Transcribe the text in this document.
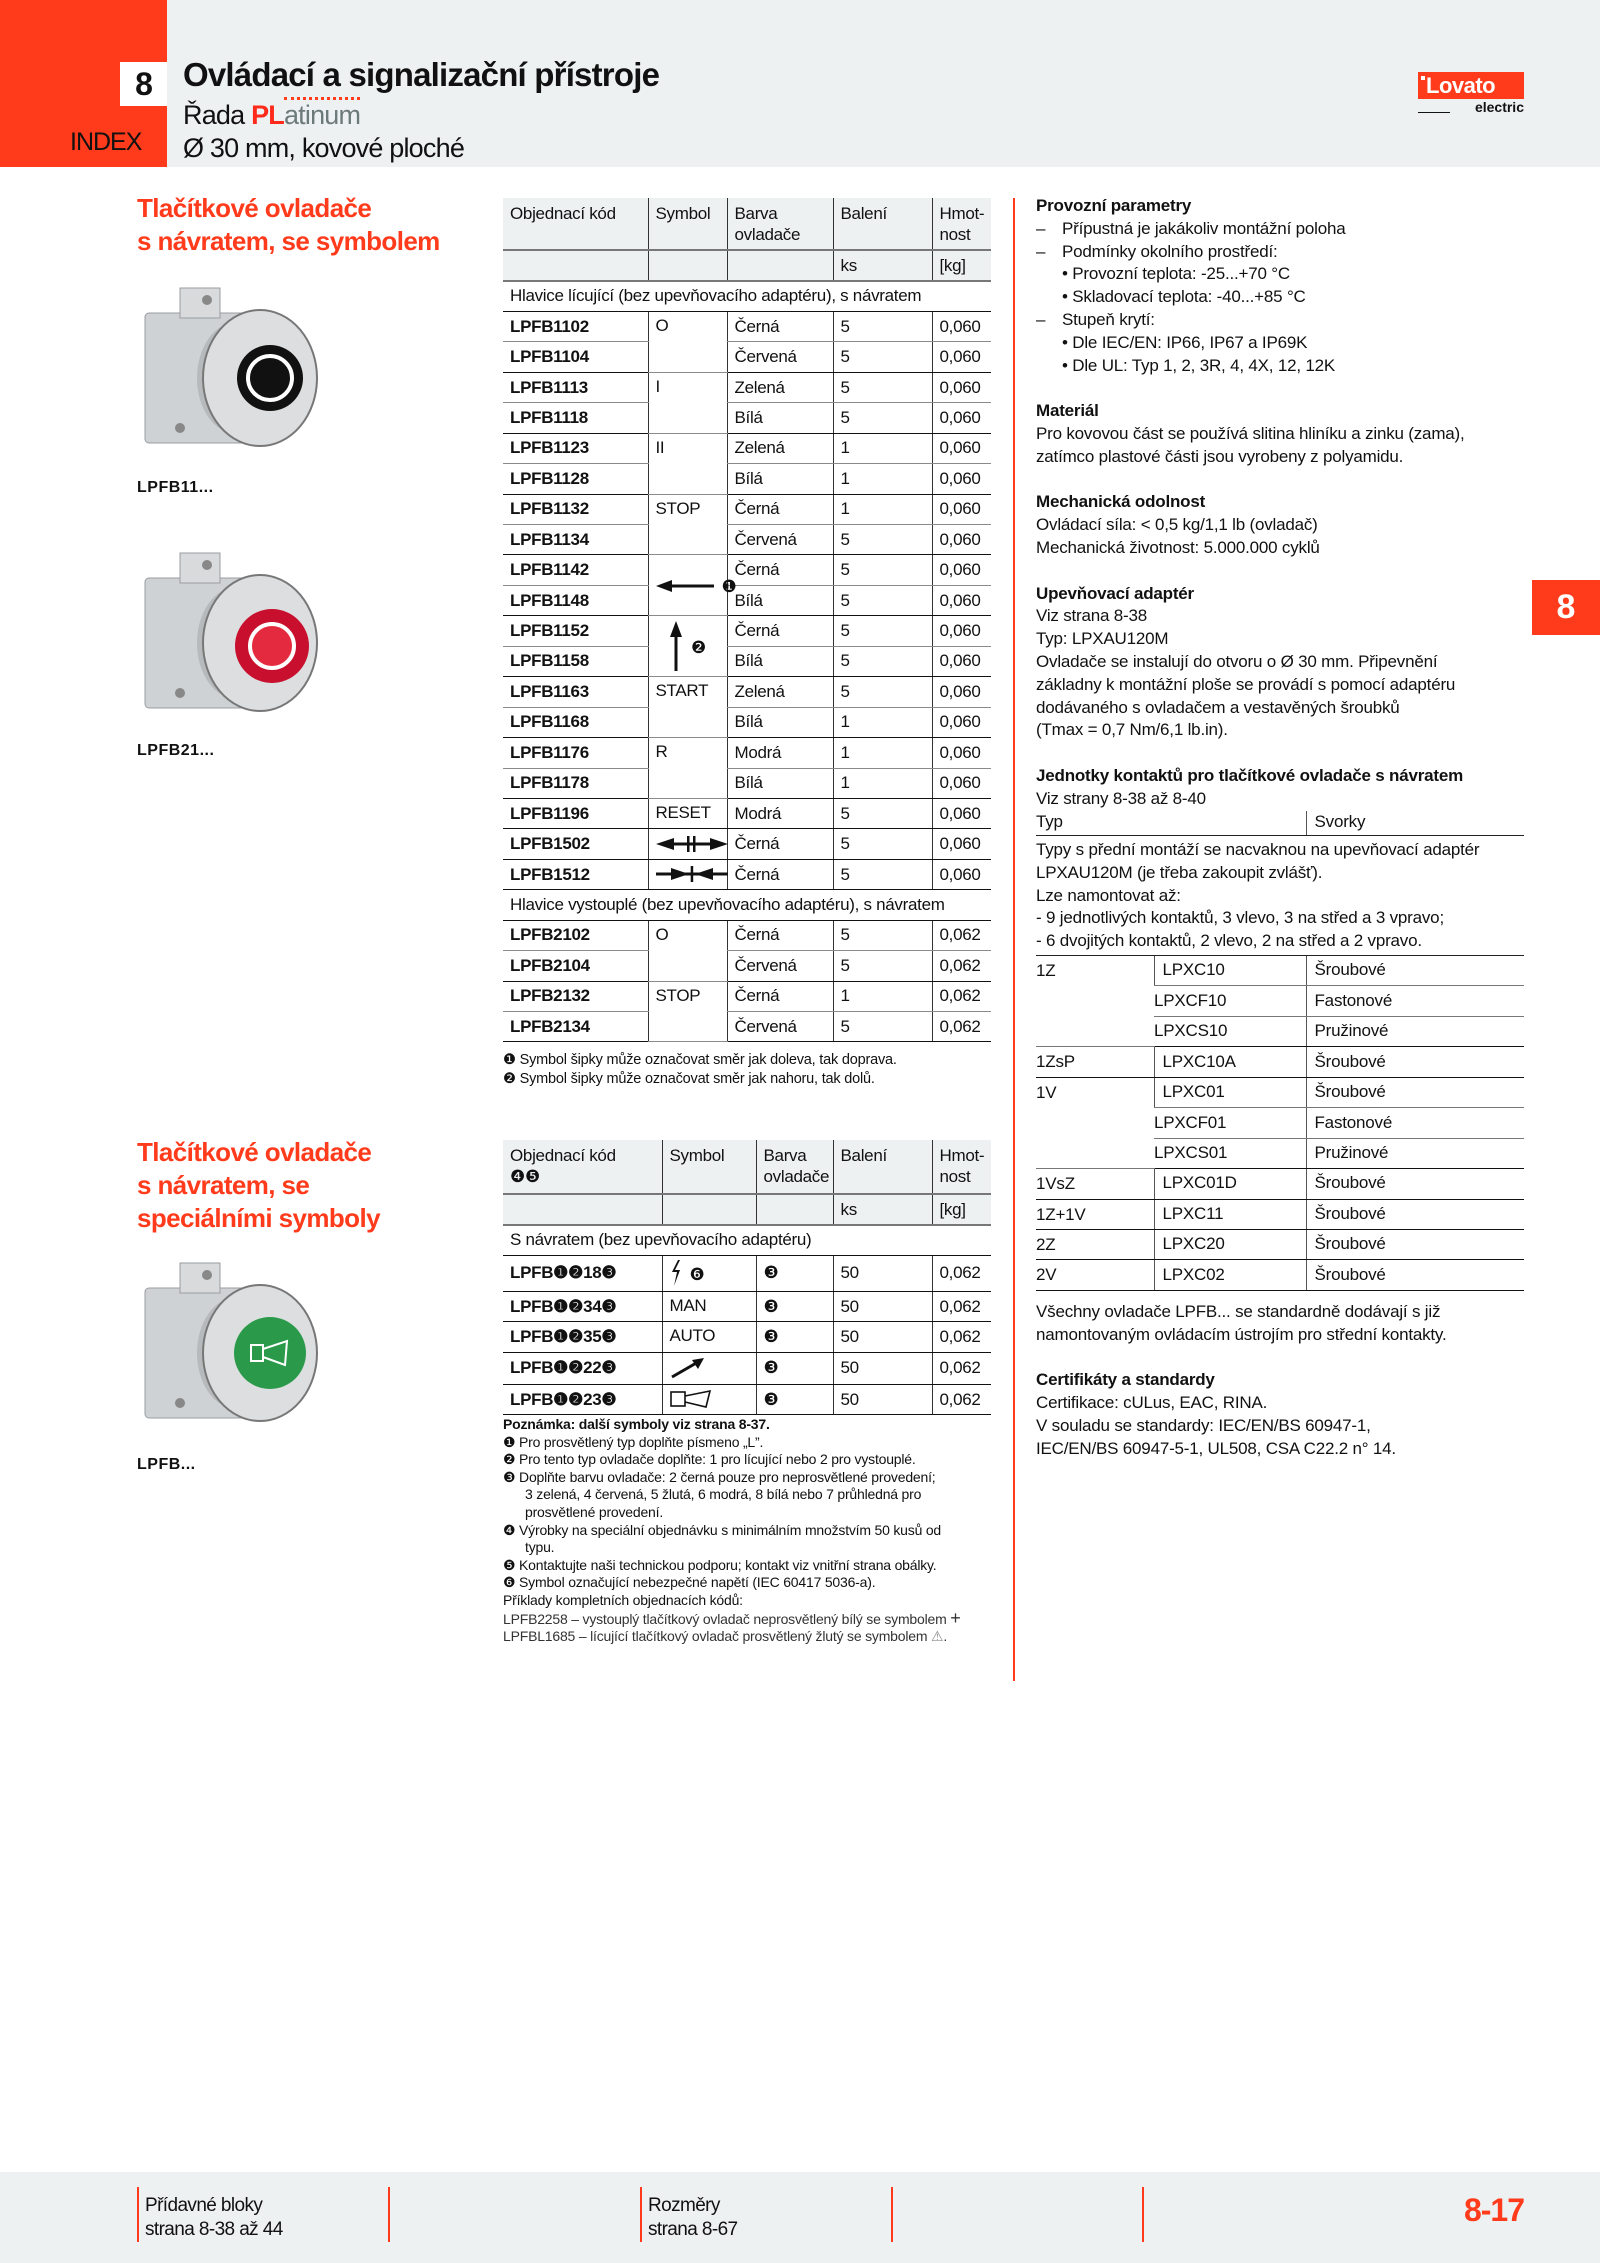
8
INDEX
Ovládací a signalizační přístroje
Řada PLatinum
Ø 30 mm, kovové ploché
Lovato
electric
Tlačítkové ovladače
s návratem, se symbolem
LPFB11...
LPFB21...
Tlačítkové ovladače
s návratem, se
speciálními symboly
LPFB...
Objednací kód	Symbol	Barva ovladače	Balení	Hmot-nost
			ks	[kg]
Hlavice lícující (bez upevňovacího adaptéru), s návratem				
LPFB1102	O	Černá	5	0,060
LPFB1104		Červená	5	0,060
LPFB1113	I	Zelená	5	0,060
LPFB1118		Bílá	5	0,060
LPFB1123	II	Zelená	1	0,060
LPFB1128		Bílá	1	0,060
LPFB1132	STOP	Černá	1	0,060
LPFB1134		Červená	5	0,060
LPFB1142	❶	Černá	5	0,060
LPFB1148		Bílá	5	0,060
LPFB1152	❷	Černá	5	0,060
LPFB1158		Bílá	5	0,060
LPFB1163	START	Zelená	5	0,060
LPFB1168		Bílá	1	0,060
LPFB1176	R	Modrá	1	0,060
LPFB1178		Bílá	1	0,060
LPFB1196	RESET	Modrá	5	0,060
LPFB1502		Černá	5	0,060
LPFB1512		Černá	5	0,060
Hlavice vystouplé (bez upevňovacího adaptéru), s návratem				
LPFB2102	O	Černá	5	0,062
LPFB2104		Červená	5	0,062
LPFB2132	STOP	Černá	1	0,062
LPFB2134		Červená	5	0,062
❶ Symbol šipky může označovat směr jak doleva, tak doprava.
❷ Symbol šipky může označovat směr jak nahoru, tak dolů.
Objednací kód
❹❺	Symbol	Barva ovladače	Balení	Hmot-nost
			ks	[kg]
S návratem (bez upevňovacího adaptéru)				
LPFB❶❷18❸	❻	❸	50	0,062
LPFB❶❷34❸	MAN	❸	50	0,062
LPFB❶❷35❸	AUTO	❸	50	0,062
LPFB❶❷22❸		❸	50	0,062
LPFB❶❷23❸		❸	50	0,062
Poznámka: další symboly viz strana 8-37.
❶ Pro prosvětlený typ doplňte písmeno „L”.
❷ Pro tento typ ovladače doplňte: 1 pro lícující nebo 2 pro vystouplé.
❸ Doplňte barvu ovladače: 2 černá pouze pro neprosvětlené provedení;
3 zelená, 4 červená, 5 žlutá, 6 modrá, 8 bílá nebo 7 průhledná pro
prosvětlené provedení.
❹ Výrobky na speciální objednávku s minimálním množstvím 50 kusů od
typu.
❺ Kontaktujte naši technickou podporu; kontakt viz vnitřní strana obálky.
❻ Symbol označující nebezpečné napětí (IEC 60417 5036-a).
Příklady kompletních objednacích kódů:
LPFB2258 – vystouplý tlačítkový ovladač neprosvětlený bílý se symbolem +
LPFBL1685 – lícující tlačítkový ovladač prosvětlený žlutý se symbolem ⚠.
Provozní parametry
– Přípustná je jakákoliv montážní poloha
– Podmínky okolního prostředí:
• Provozní teplota: -25...+70 °C
• Skladovací teplota: -40...+85 °C
– Stupeň krytí:
• Dle IEC/EN: IP66, IP67 a IP69K
• Dle UL: Typ 1, 2, 3R, 4, 4X, 12, 12K
Materiál
Pro kovovou část se používá slitina hliníku a zinku (zama),
zatímco plastové části jsou vyrobeny z polyamidu.
Mechanická odolnost
Ovládací síla: < 0,5 kg/1,1 lb (ovladač)
Mechanická životnost: 5.000.000 cyklů
Upevňovací adaptér
Viz strana 8-38
Typ: LPXAU120M
Ovladače se instalují do otvoru o Ø 30 mm. Připevnění
základny k montážní ploše se provádí s pomocí adaptéru
dodávaného s ovladačem a vestavěných šroubků
(Tmax = 0,7 Nm/6,1 lb.in).
Jednotky kontaktů pro tlačítkové ovladače s návratem
Viz strany 8-38 až 8-40
Typ		Svorky

Typy s přední montáží se nacvaknou na upevňovací adaptér
LPXAU120M (je třeba zakoupit zvlášť).
Lze namontovat až:
- 9 jednotlivých kontaktů, 3 vlevo, 3 na střed a 3 vpravo;
- 6 dvojitých kontaktů, 2 vlevo, 2 na střed a 2 vpravo.		

1Z	LPXC10	Šroubové
	LPXCF10	Fastonové
	LPXCS10	Pružinové
1ZsP	LPXC10A	Šroubové
1V	LPXC01	Šroubové
	LPXCF01	Fastonové
	LPXCS01	Pružinové
1VsZ	LPXC01D	Šroubové
1Z+1V	LPXC11	Šroubové
2Z	LPXC20	Šroubové
2V	LPXC02	Šroubové
Všechny ovladače LPFB... se standardně dodávají s již
namontovaným ovládacím ústrojím pro střední kontakty.
Certifikáty a standardy
Certifikace: cULus, EAC, RINA.
V souladu se standardy: IEC/EN/BS 60947-1,
IEC/EN/BS 60947-5-1, UL508, CSA C22.2 n° 14.
8
Přídavné bloky
strana 8-38 až 44
Rozměry
strana 8-67
8-17
